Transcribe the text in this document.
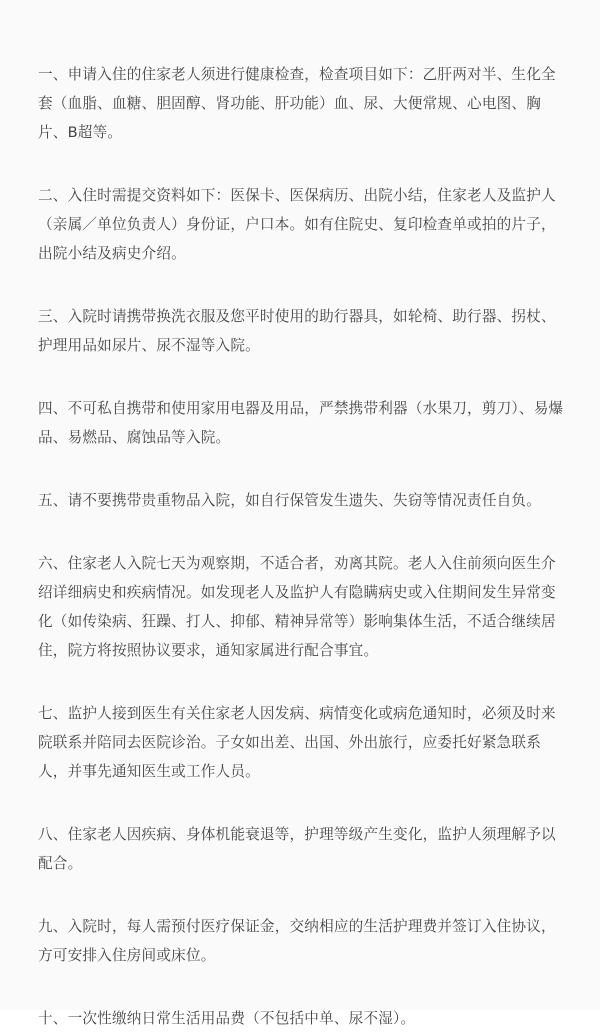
一、申请入住的住家老人须进行健康检查，检查项目如下：乙肝两对半、生化全套（血脂、血糖、胆固醇、肾功能、肝功能）血、尿、大便常规、心电图、胸片、B超等。

二、入住时需提交资料如下：医保卡、医保病历、出院小结，住家老人及监护人（亲属／单位负责人）身份证，户口本。如有住院史、复印检查单或拍的片子，出院小结及病史介绍。

三、入院时请携带换洗衣服及您平时使用的助行器具，如轮椅、助行器、拐杖、护理用品如尿片、尿不湿等入院。

四、不可私自携带和使用家用电器及用品，严禁携带利器（水果刀，剪刀）、易爆品、易燃品、腐蚀品等入院。

五、请不要携带贵重物品入院，如自行保管发生遗失、失窃等情况责任自负。

六、住家老人入院七天为观察期，不适合者，劝离其院。老人入住前须向医生介绍详细病史和疾病情况。如发现老人及监护人有隐瞒病史或入住期间发生异常变化（如传染病、狂躁、打人、抑郁、精神异常等）影响集体生活，不适合继续居住，院方将按照协议要求，通知家属进行配合事宜。

七、监护人接到医生有关住家老人因发病、病情变化或病危通知时，必须及时来院联系并陪同去医院诊治。子女如出差、出国、外出旅行，应委托好紧急联系人，并事先通知医生或工作人员。

八、住家老人因疾病、身体机能衰退等，护理等级产生变化，监护人须理解予以配合。

九、入院时，每人需预付医疗保证金，交纳相应的生活护理费并签订入住协议，方可安排入住房间或床位。

十、一次性缴纳日常生活用品费（不包括中单、尿不湿）。
